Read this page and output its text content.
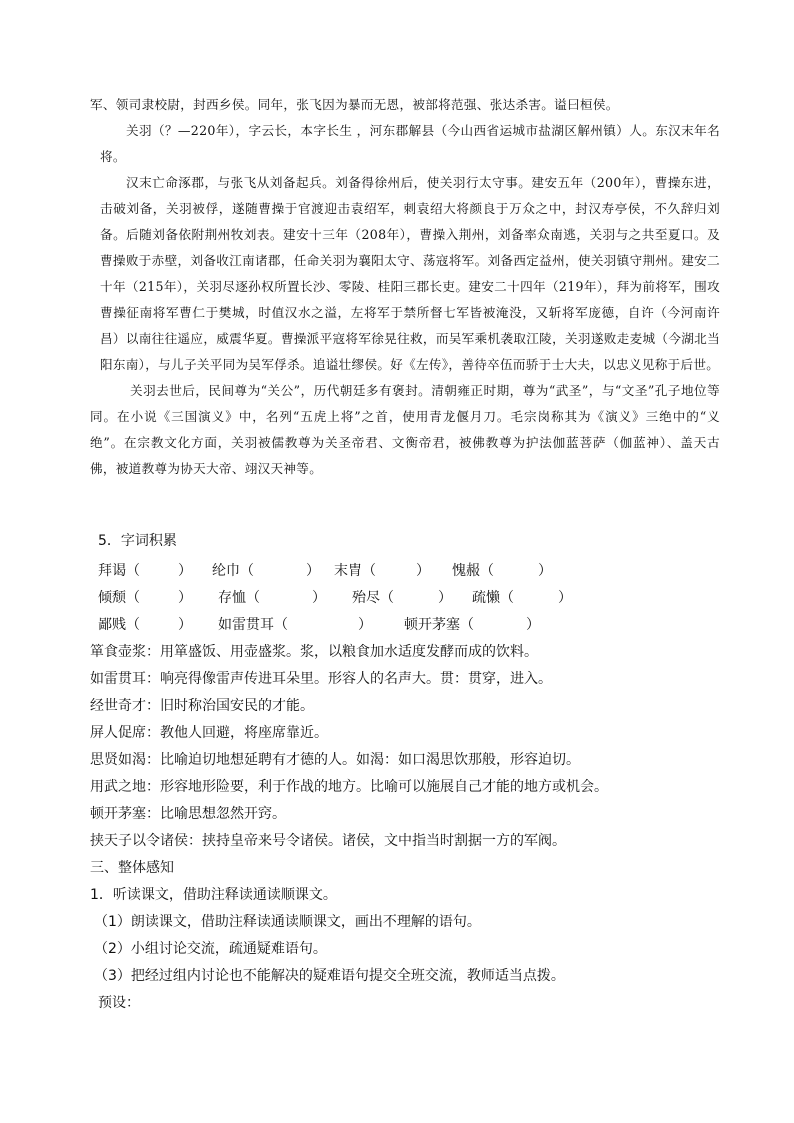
军、领司隶校尉，封西乡侯。同年，张飞因为暴而无恩，被部将范强、张达杀害。谥曰桓侯。

关羽（？—220年），字云长，本字长生 ，河东郡解县（今山西省运城市盐湖区解州镇）人。东汉末年名将。

汉末亡命涿郡，与张飞从刘备起兵。刘备得徐州后，使关羽行太守事。建安五年（200年），曹操东进，击破刘备，关羽被俘，遂随曹操于官渡迎击袁绍军，刺袁绍大将颜良于万众之中，封汉寿亭侯，不久辞归刘备。后随刘备依附荆州牧刘表。建安十三年（208年），曹操入荆州，刘备率众南逃，关羽与之共至夏口。及曹操败于赤壁，刘备收江南诸郡，任命关羽为襄阳太守、荡寇将军。刘备西定益州，使关羽镇守荆州。建安二十年（215年），关羽尽逐孙权所置长沙、零陵、桂阳三郡长吏。建安二十四年（219年），拜为前将军，围攻曹操征南将军曹仁于樊城，时值汉水之溢，左将军于禁所督七军皆被淹没，又斩将军庞德，自许（今河南许昌）以南往往遥应，威震华夏。曹操派平寇将军徐晃往救，而吴军乘机袭取江陵，关羽遂败走麦城（今湖北当阳东南），与儿子关平同为吴军俘杀。追谥壮缪侯。好《左传》，善待卒伍而骄于士大夫，以忠义见称于后世。

关羽去世后，民间尊为“关公”，历代朝廷多有褒封。清朝雍正时期，尊为“武圣”，与“文圣”孔子地位等同。在小说《三国演义》中，名列“五虎上将”之首，使用青龙偃月刀。毛宗岗称其为《演义》三绝中的“义绝”。在宗教文化方面，关羽被儒教尊为关圣帝君、文衡帝君，被佛教尊为护法伽蓝菩萨（伽蓝神）、盖天古佛，被道教尊为协天大帝、翊汉天神等。

5．字词积累
拜谒（	） 纶巾（	） 末胄（	） 愧赧（	）
倾颓（	） 存恤（	） 殆尽（	） 疏懒（	）
鄙贱（	） 如雷贯耳（	） 顿开茅塞（	）
箪食壶浆：用箪盛饭、用壶盛浆。浆，以粮食加水适度发酵而成的饮料。
如雷贯耳：响亮得像雷声传进耳朵里。形容人的名声大。贯：贯穿，进入。
经世奇才：旧时称治国安民的才能。
屏人促席：教他人回避，将座席靠近。
思贤如渴：比喻迫切地想延聘有才德的人。如渴：如口渴思饮那般，形容迫切。
用武之地：形容地形险要，利于作战的地方。比喻可以施展自己才能的地方或机会。
顿开茅塞：比喻思想忽然开窍。
挟天子以令诸侯：挟持皇帝来号令诸侯。诸侯，文中指当时割据一方的军阀。
三、整体感知
1．听读课文，借助注释读通读顺课文。
（1）朗读课文，借助注释读通读顺课文，画出不理解的语句。
（2）小组讨论交流，疏通疑难语句。
（3）把经过组内讨论也不能解决的疑难语句提交全班交流，教师适当点拨。
预设：
